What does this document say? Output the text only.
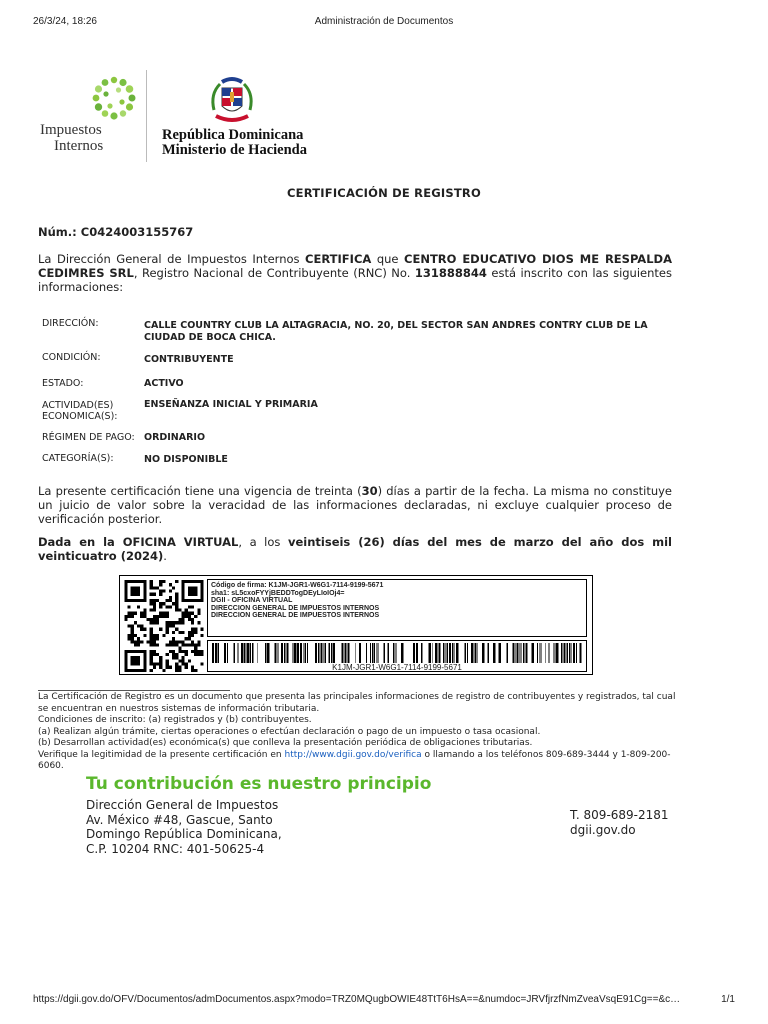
26/3/24, 18:26	Administración de Documentos
Impuestos
Internos
República Dominicana
Ministerio de Hacienda
CERTIFICACIÓN DE REGISTRO
Núm.: C0424003155767

La Dirección General de Impuestos Internos CERTIFICA que CENTRO EDUCATIVO DIOS ME RESPALDA CEDIMRES SRL, Registro Nacional de Contribuyente (RNC) No. 131888844 está inscrito con las siguientes informaciones:

DIRECCIÓN:	CALLE COUNTRY CLUB LA ALTAGRACIA, NO. 20, DEL SECTOR SAN ANDRES CONTRY CLUB DE LA CIUDAD DE BOCA CHICA.
CONDICIÓN:	CONTRIBUYENTE
ESTADO:	ACTIVO
ACTIVIDAD(ES) ECONOMICA(S):
ENSEÑANZA INICIAL Y PRIMARIA
RÉGIMEN DE PAGO: ORDINARIO
CATEGORÍA(S):	NO DISPONIBLE

La presente certificación tiene una vigencia de treinta (30) días a partir de la fecha. La misma no constituye un juicio de valor sobre la veracidad de las informaciones declaradas, ni excluye cualquier proceso de verificación posterior.

Dada en la OFICINA VIRTUAL, a los veintiseis (26) días del mes de marzo del año dos mil veinticuatro (2024).

Código de firma: K1JM-JGR1-W6G1-7114-9199-5671
sha1: sL5cxoFYYjBEDDTogDEyLIoIOj4=
DGII - OFICINA VIRTUAL
DIRECCION GENERAL DE IMPUESTOS INTERNOS
DIRECCION GENERAL DE IMPUESTOS INTERNOS
K1JM-JGR1-W6G1-7114-9199-5671
La Certificación de Registro es un documento que presenta las principales informaciones de registro de contribuyentes y registrados, tal cual se encuentran en nuestros sistemas de información tributaria.
Condiciones de inscrito: (a) registrados y (b) contribuyentes.
(a) Realizan algún trámite, ciertas operaciones o efectúan declaración o pago de un impuesto o tasa ocasional.
(b) Desarrollan actividad(es) económica(s) que conlleva la presentación periódica de obligaciones tributarias.
Verifique la legitimidad de la presente certificación en http://www.dgii.gov.do/verifica o llamando a los teléfonos 809-689-3444 y 1-809-200-6060.
Tu contribución es nuestro principio
Dirección General de Impuestos
Av. México #48, Gascue, Santo
Domingo República Dominicana,
C.P. 10204 RNC: 401-50625-4
T. 809-689-2181
dgii.gov.do
https://dgii.gov.do/OFV/Documentos/admDocumentos.aspx?modo=TRZ0MQugbOWIE48TtT6HsA==&numdoc=JRVfjrzfNmZveaVsqE91Cg==&c…	1/1
